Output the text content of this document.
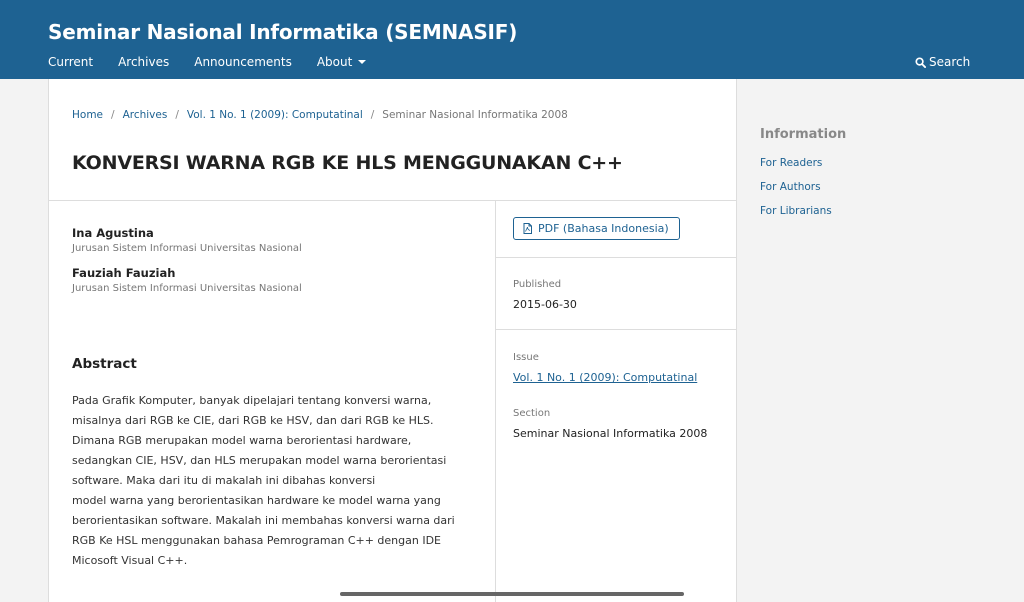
Seminar Nasional Informatika (SEMNASIF)
Current Archives Announcements About	Search
Home / Archives / Vol. 1 No. 1 (2009): Computatinal / Seminar Nasional Informatika 2008
KONVERSI WARNA RGB KE HLS MENGGUNAKAN C++
Ina Agustina
Jurusan Sistem Informasi Universitas Nasional
Fauziah Fauziah
Jurusan Sistem Informasi Universitas Nasional
Abstract

Pada Grafik Komputer, banyak dipelajari tentang konversi warna, misalnya dari RGB ke CIE, dari RGB ke HSV, dan dari RGB ke HLS. Dimana RGB merupakan model warna berorientasi hardware, sedangkan CIE, HSV, dan HLS merupakan model warna berorientasi software. Maka dari itu di makalah ini dibahas konversi

model warna yang berorientasikan hardware ke model warna yang berorientasikan software. Makalah ini membahas konversi warna dari RGB Ke HSL menggunakan bahasa Pemrograman C++ dengan IDE Micosoft Visual C++.

PDF (Bahasa Indonesia)
Published
2015-06-30
Issue
Vol. 1 No. 1 (2009): Computatinal
Section
Seminar Nasional Informatika 2008
Information
For Readers
For Authors
For Librarians
